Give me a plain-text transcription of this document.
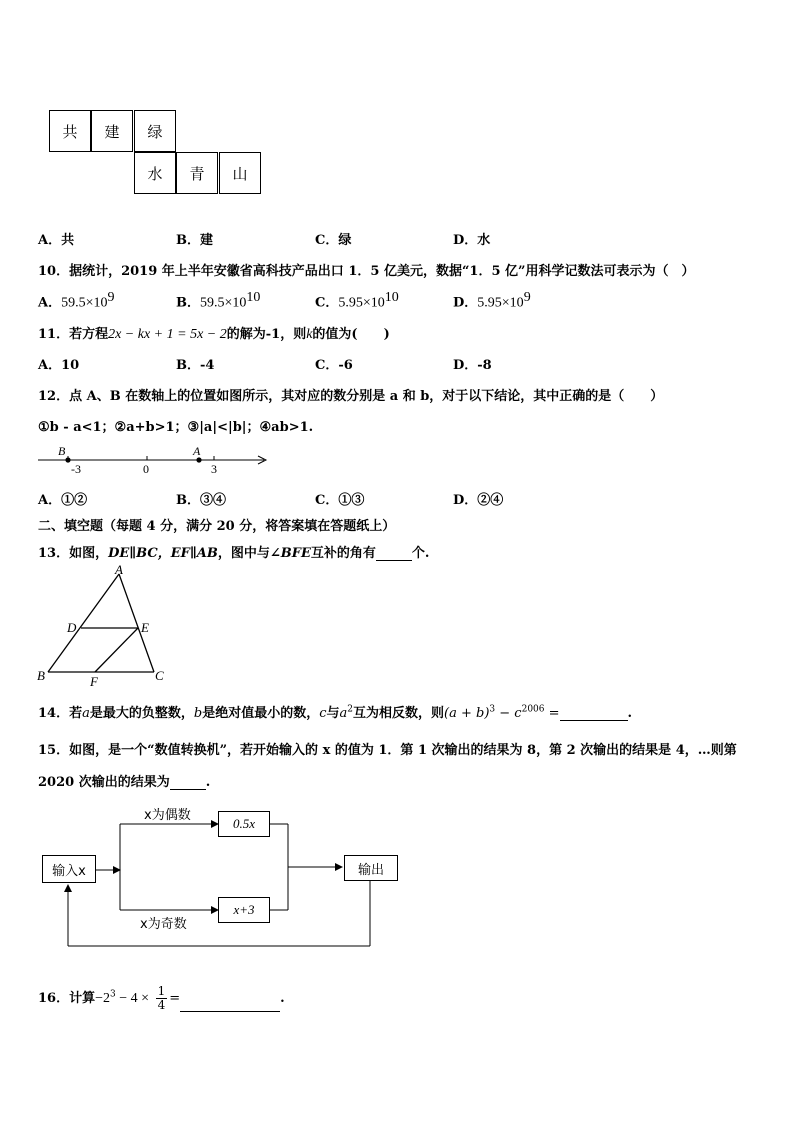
共	建	绿
水	青	山
A．共	B．建	C．绿	D．水
10．据统计，2019 年上半年安徽省高科技产品出口 1．5 亿美元，数据“1．5 亿”用科学记数法可表示为（　）
A．59.5×109	B．59.5×1010	C．5.95×1010	D．5.95×109
11．若方程2x − kx + 1 = 5x − 2的解为-1，则k的值为(　　)
A．10	B．-4	C．-6	D．-8
12．点 A、B 在数轴上的位置如图所示，其对应的数分别是 a 和 b，对于以下结论，其中正确的是（　　）
①b - a<1；②a+b>1；③|a|<|b|；④ab>1.
B	A
-3	0	3
A．①②	B．③④	C．①③	D．②④
二、填空题（每题 4 分，满分 20 分，将答案填在答题纸上）
13．如图，DE∥BC，EF∥AB，图中与∠BFE互补的角有	个.
A
D	E
B	F	C
14．若a是最大的负整数，b是绝对值最小的数，c与$a^2$互为相反数，则$(a + b)^3 - c^{2006}$ =	.
15．如图，是一个“数值转换机”，若开始输入的 x 的值为 1．第 1 次输出的结果为 8，第 2 次输出的结果是 4，…则第
2020 次输出的结果为	.
输入x
0.5x
x+3
输出
x为偶数
x为奇数
16．计算$-2^3 - 4 \times \frac{1}{4}$ =	.
